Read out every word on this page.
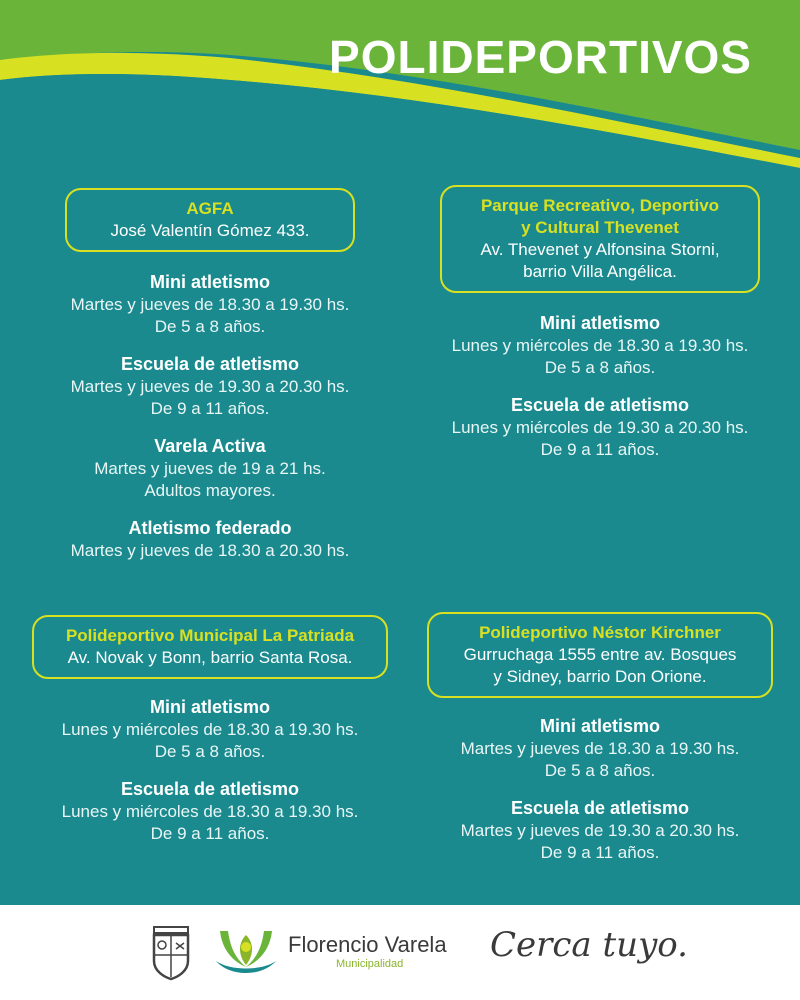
POLIDEPORTIVOS
AGFA
José Valentín Gómez 433.
Mini atletismo
Martes y jueves de 18.30 a 19.30 hs.
De 5 a 8 años.
Escuela de atletismo
Martes y jueves de 19.30 a 20.30 hs.
De 9 a 11 años.
Varela Activa
Martes y jueves de 19 a 21 hs.
Adultos mayores.
Atletismo federado
Martes y jueves de 18.30 a 20.30 hs.
Parque Recreativo, Deportivo
y Cultural Thevenet
Av. Thevenet y Alfonsina Storni,
barrio Villa Angélica.
Mini atletismo
Lunes y miércoles de 18.30 a 19.30 hs.
De 5 a 8 años.
Escuela de atletismo
Lunes y miércoles de 19.30 a 20.30 hs.
De 9 a 11 años.
Polideportivo Municipal La Patriada
Av. Novak y Bonn, barrio Santa Rosa.
Mini atletismo
Lunes y miércoles de 18.30 a 19.30 hs.
De 5 a 8 años.
Escuela de atletismo
Lunes y miércoles de 18.30 a 19.30 hs.
De 9 a 11 años.
Polideportivo Néstor Kirchner
Gurruchaga 1555 entre av. Bosques
y Sidney, barrio Don Orione.
Mini atletismo
Martes y jueves de 18.30 a 19.30 hs.
De 5 a 8 años.
Escuela de atletismo
Martes y jueves de 19.30 a 20.30 hs.
De 9 a 11 años.
Florencio Varela
Municipalidad	Cerca tuyo.
